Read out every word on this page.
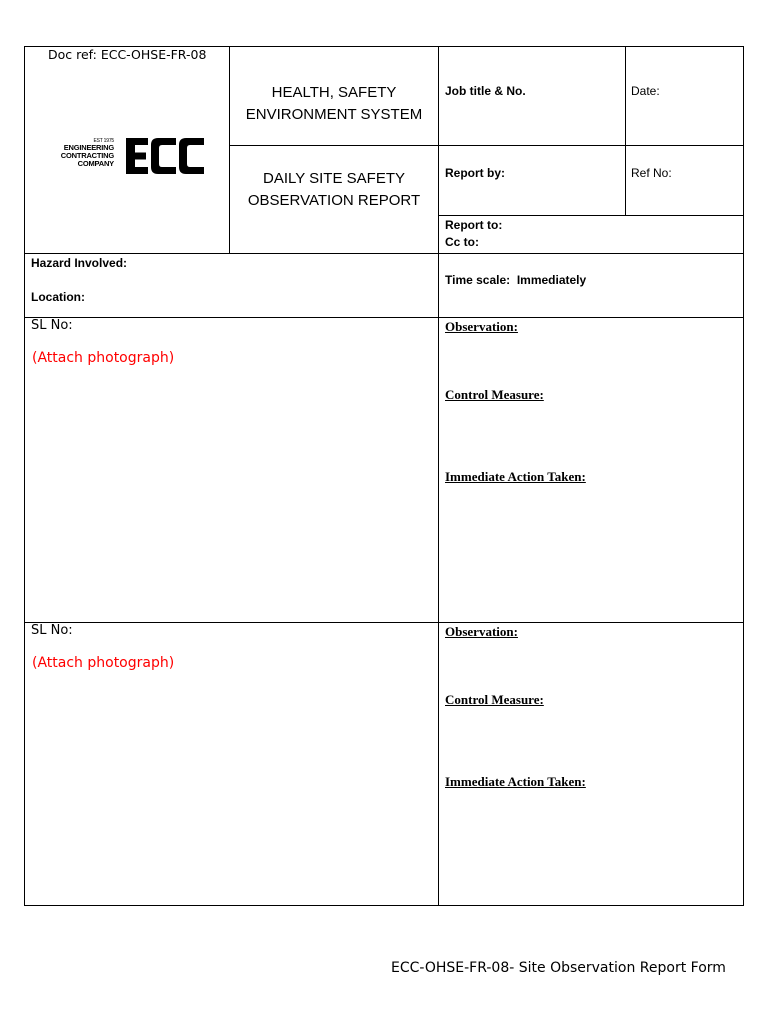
Doc ref: ECC-OHSE-FR-08
EST 1975
ENGINEERING
CONTRACTING
COMPANY
HEALTH, SAFETY
ENVIRONMENT SYSTEM
DAILY SITE SAFETY
OBSERVATION REPORT
Job title & No.	Date:
Report by:	Ref No:
Report to:
Cc to:
Hazard Involved:
Location:
Time scale:  Immediately
SL No:
(Attach photograph)
Observation:
Control Measure:
Immediate Action Taken:
SL No:
(Attach photograph)
Observation:
Control Measure:
Immediate Action Taken:
ECC-OHSE-FR-08- Site Observation Report Form
